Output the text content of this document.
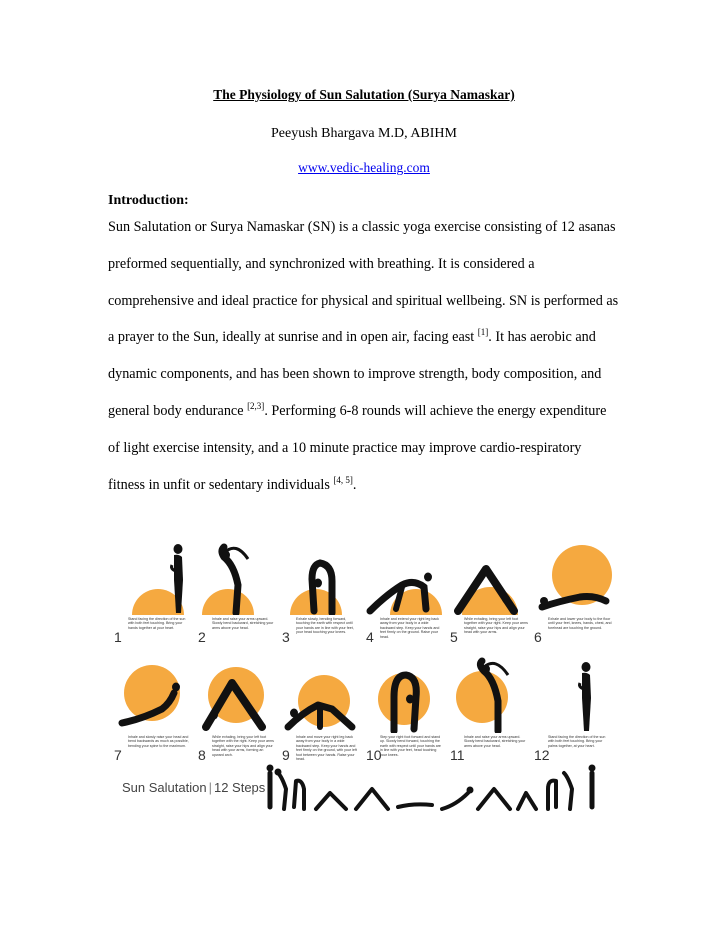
The Physiology of Sun Salutation (Surya Namaskar)
Peeyush Bhargava M.D, ABIHM
www.vedic-healing.com
Introduction:
Sun Salutation or Surya Namaskar (SN) is a classic yoga exercise consisting of 12 asanas
preformed sequentially, and synchronized with breathing. It is considered a
comprehensive and ideal practice for physical and spiritual wellbeing. SN is performed as
a prayer to the Sun, ideally at sunrise and in open air, facing east [1]. It has aerobic and
dynamic components, and has been shown to improve strength, body composition, and
general body endurance [2,3]. Performing 6-8 rounds will achieve the energy expenditure
of light exercise intensity, and a 10 minute practice may improve cardio-respiratory
fitness in unfit or sedentary individuals [4, 5].
1
Stand facing the direction of the sun with both feet touching. Bring your hands together at your heart.
2
Inhale and raise your arms upward. Slowly bend backward, stretching your arms above your head.
3
Exhale slowly, bending forward, touching the earth with respect until your hands are in line with your feet, your head touching your knees.	4
Inhale and extend your right leg back away from your body in a wide backward step. Keep your hands and feet firmly on the ground. Raise your head.	5
While exhaling, bring your left foot together with your right. Keep your arms straight, raise your hips and align your head with your arms.	6
Exhale and lower your body to the floor until your feet, knees, hands, chest, and forehead are touching the ground.
7
Inhale and slowly raise your head and bend backwards as much as possible, bending your spine to the maximum.
8
While exhaling, bring your left foot together with the right. Keep your arms straight, raise your hips and align your head with your arms, forming an upward arch.	9
Inhale and move your right leg back away from your body in a wide backward step. Keep your hands and feet firmly on the ground, with your left foot between your hands. Raise your head.	10
Step your right foot forward and stand up. Slowly bend forward, touching the earth with respect until your hands are in line with your feet, head touching your knees.	11
Inhale and raise your arms upward. Slowly bend backward, stretching your arms above your head.
12
Stand facing the direction of the sun with both feet touching. Bring your palms together, at your heart.
Sun Salutation | 12 Steps
